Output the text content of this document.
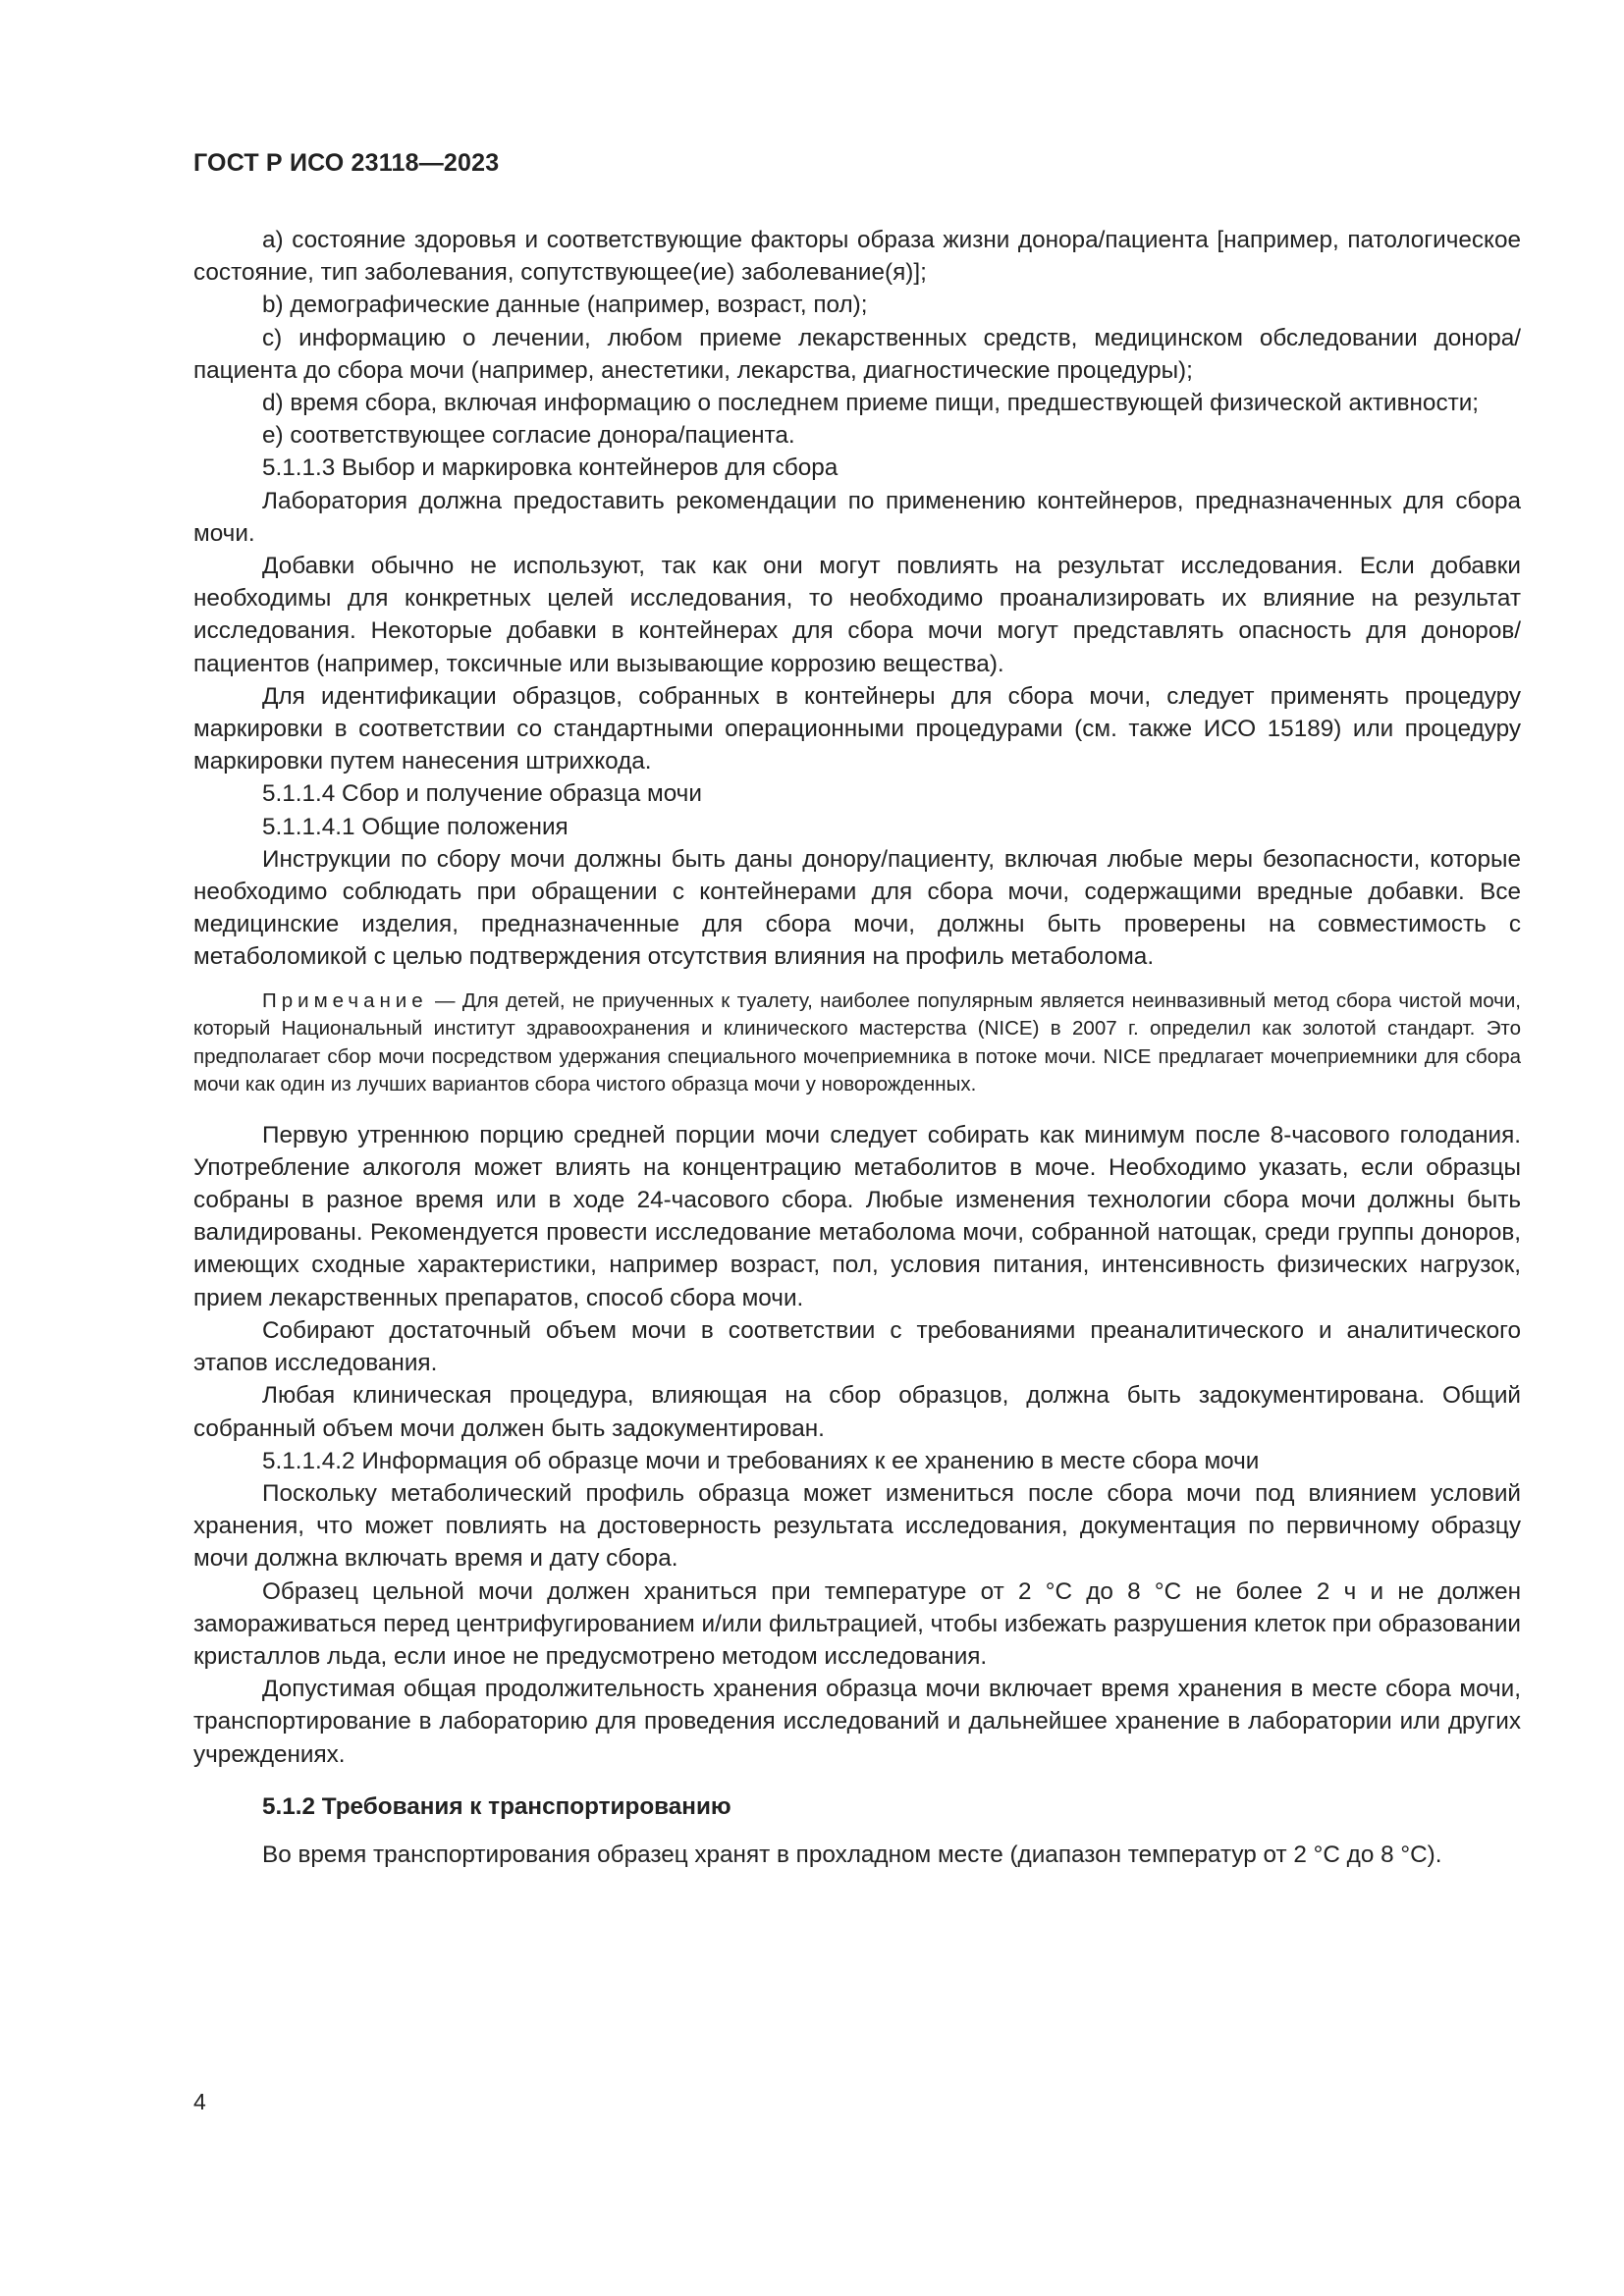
ГОСТ Р ИСО 23118—2023

a) состояние здоровья и соответствующие факторы образа жизни донора/пациента [например, патологическое состояние, тип заболевания, сопутствующее(ие) заболевание(я)];

b) демографические данные (например, возраст, пол);

c) информацию о лечении, любом приеме лекарственных средств, медицинском обследовании донора/пациента до сбора мочи (например, анестетики, лекарства, диагностические процедуры);

d) время сбора, включая информацию о последнем приеме пищи, предшествующей физической активности;

e) соответствующее согласие донора/пациента.

5.1.1.3 Выбор и маркировка контейнеров для сбора

Лаборатория должна предоставить рекомендации по применению контейнеров, предназначенных для сбора мочи.

Добавки обычно не используют, так как они могут повлиять на результат исследования. Если добавки необходимы для конкретных целей исследования, то необходимо проанализировать их влияние на результат исследования. Некоторые добавки в контейнерах для сбора мочи могут представлять опасность для доноров/пациентов (например, токсичные или вызывающие коррозию вещества).

Для идентификации образцов, собранных в контейнеры для сбора мочи, следует применять процедуру маркировки в соответствии со стандартными операционными процедурами (см. также ИСО 15189) или процедуру маркировки путем нанесения штрихкода.

5.1.1.4 Сбор и получение образца мочи

5.1.1.4.1 Общие положения

Инструкции по сбору мочи должны быть даны донору/пациенту, включая любые меры безопасности, которые необходимо соблюдать при обращении с контейнерами для сбора мочи, содержащими вредные добавки. Все медицинские изделия, предназначенные для сбора мочи, должны быть проверены на совместимость с метаболомикой с целью подтверждения отсутствия влияния на профиль метаболома.

Примечание — Для детей, не приученных к туалету, наиболее популярным является неинвазивный метод сбора чистой мочи, который Национальный институт здравоохранения и клинического мастерства (NICE) в 2007 г. определил как золотой стандарт. Это предполагает сбор мочи посредством удержания специального мочеприемника в потоке мочи. NICE предлагает мочеприемники для сбора мочи как один из лучших вариантов сбора чистого образца мочи у новорожденных.

Первую утреннюю порцию средней порции мочи следует собирать как минимум после 8-часового голодания. Употребление алкоголя может влиять на концентрацию метаболитов в моче. Необходимо указать, если образцы собраны в разное время или в ходе 24-часового сбора. Любые изменения технологии сбора мочи должны быть валидированы. Рекомендуется провести исследование метаболома мочи, собранной натощак, среди группы доноров, имеющих сходные характеристики, например возраст, пол, условия питания, интенсивность физических нагрузок, прием лекарственных препаратов, способ сбора мочи.

Собирают достаточный объем мочи в соответствии с требованиями преаналитического и аналитического этапов исследования.

Любая клиническая процедура, влияющая на сбор образцов, должна быть задокументирована. Общий собранный объем мочи должен быть задокументирован.

5.1.1.4.2 Информация об образце мочи и требованиях к ее хранению в месте сбора мочи

Поскольку метаболический профиль образца может измениться после сбора мочи под влиянием условий хранения, что может повлиять на достоверность результата исследования, документация по первичному образцу мочи должна включать время и дату сбора.

Образец цельной мочи должен храниться при температуре от 2 °C до 8 °C не более 2 ч и не должен замораживаться перед центрифугированием и/или фильтрацией, чтобы избежать разрушения клеток при образовании кристаллов льда, если иное не предусмотрено методом исследования.

Допустимая общая продолжительность хранения образца мочи включает время хранения в месте сбора мочи, транспортирование в лабораторию для проведения исследований и дальнейшее хранение в лаборатории или других учреждениях.

5.1.2 Требования к транспортированию

Во время транспортирования образец хранят в прохладном месте (диапазон температур от 2 °C до 8 °C).

4
